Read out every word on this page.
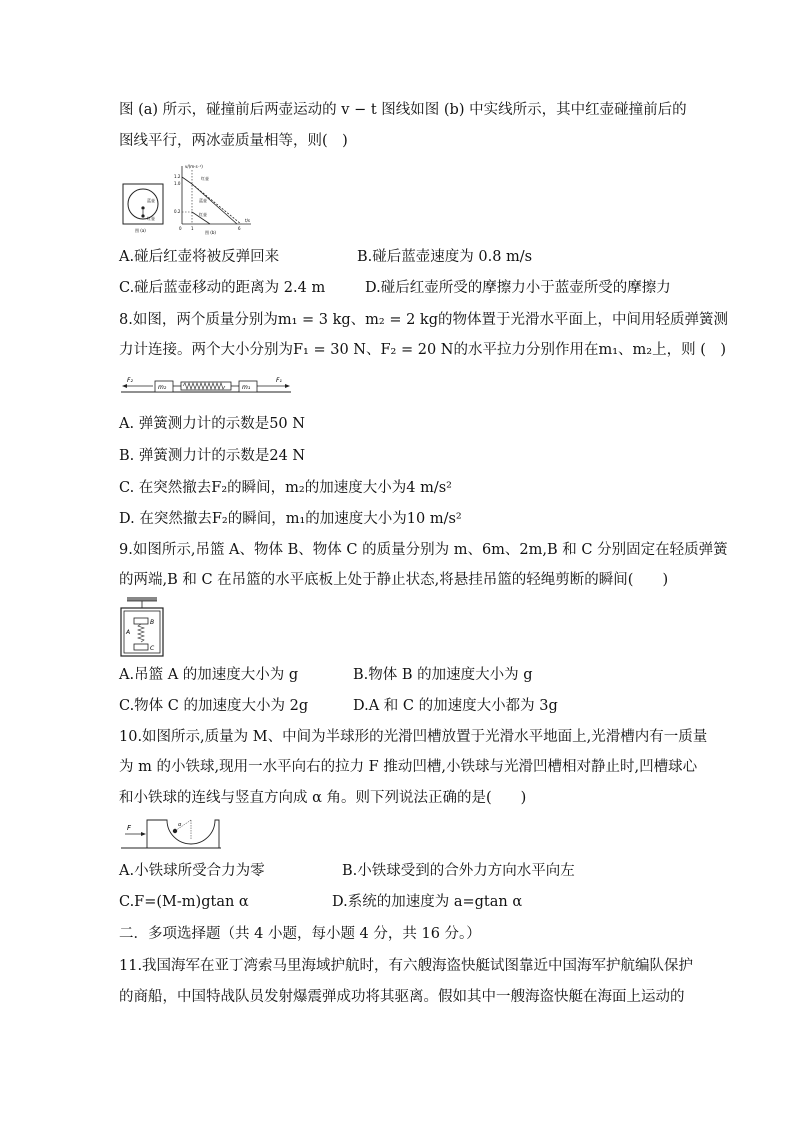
图 (a) 所示，碰撞前后两壶运动的 v − t 图线如图 (b) 中实线所示，其中红壶碰撞前后的
图线平行，两冰壶质量相等，则(　)
蓝壶
红壶
图 (a)
v/(m·s⁻¹)
t/s
1.2
1.0
0.2
0 1	6
红壶
蓝壶
红壶
图 (b)
A.碰后红壶将被反弹回来	B.碰后蓝壶速度为 0.8 m/s
C.碰后蓝壶移动的距离为 2.4 m	D.碰后红壶所受的摩擦力小于蓝壶所受的摩擦力
8.如图，两个质量分别为m₁ = 3 kg、m₂ = 2 kg的物体置于光滑水平面上，中间用轻质弹簧测
力计连接。两个大小分别为F₁ = 30 N、F₂ = 20 N的水平拉力分别作用在m₁、m₂上，则 (　)
F₂
m₂	m₁
F₁
A. 弹簧测力计的示数是50 N
B. 弹簧测力计的示数是24 N
C. 在突然撤去F₂的瞬间，m₂的加速度大小为4 m/s²
D. 在突然撤去F₂的瞬间，m₁的加速度大小为10 m/s²
9.如图所示,吊篮 A、物体 B、物体 C 的质量分别为 m、6m、2m,B 和 C 分别固定在轻质弹簧
的两端,B 和 C 在吊篮的水平底板上处于静止状态,将悬挂吊篮的轻绳剪断的瞬间(　　)
A
B
C
A.吊篮 A 的加速度大小为 g	B.物体 B 的加速度大小为 g
C.物体 C 的加速度大小为 2g	D.A 和 C 的加速度大小都为 3g
10.如图所示,质量为 M、中间为半球形的光滑凹槽放置于光滑水平地面上,光滑槽内有一质量
为 m 的小铁球,现用一水平向右的拉力 F 推动凹槽,小铁球与光滑凹槽相对静止时,凹槽球心
和小铁球的连线与竖直方向成 α 角。则下列说法正确的是(　　)
F	α
A.小铁球所受合力为零	B.小铁球受到的合外力方向水平向左
C.F=(M-m)gtan α	D.系统的加速度为 a=gtan α
二．多项选择题（共 4 小题，每小题 4 分，共 16 分。）
11.我国海军在亚丁湾索马里海域护航时，有六艘海盗快艇试图靠近中国海军护航编队保护
的商船，中国特战队员发射爆震弹成功将其驱离。假如其中一艘海盗快艇在海面上运动的
